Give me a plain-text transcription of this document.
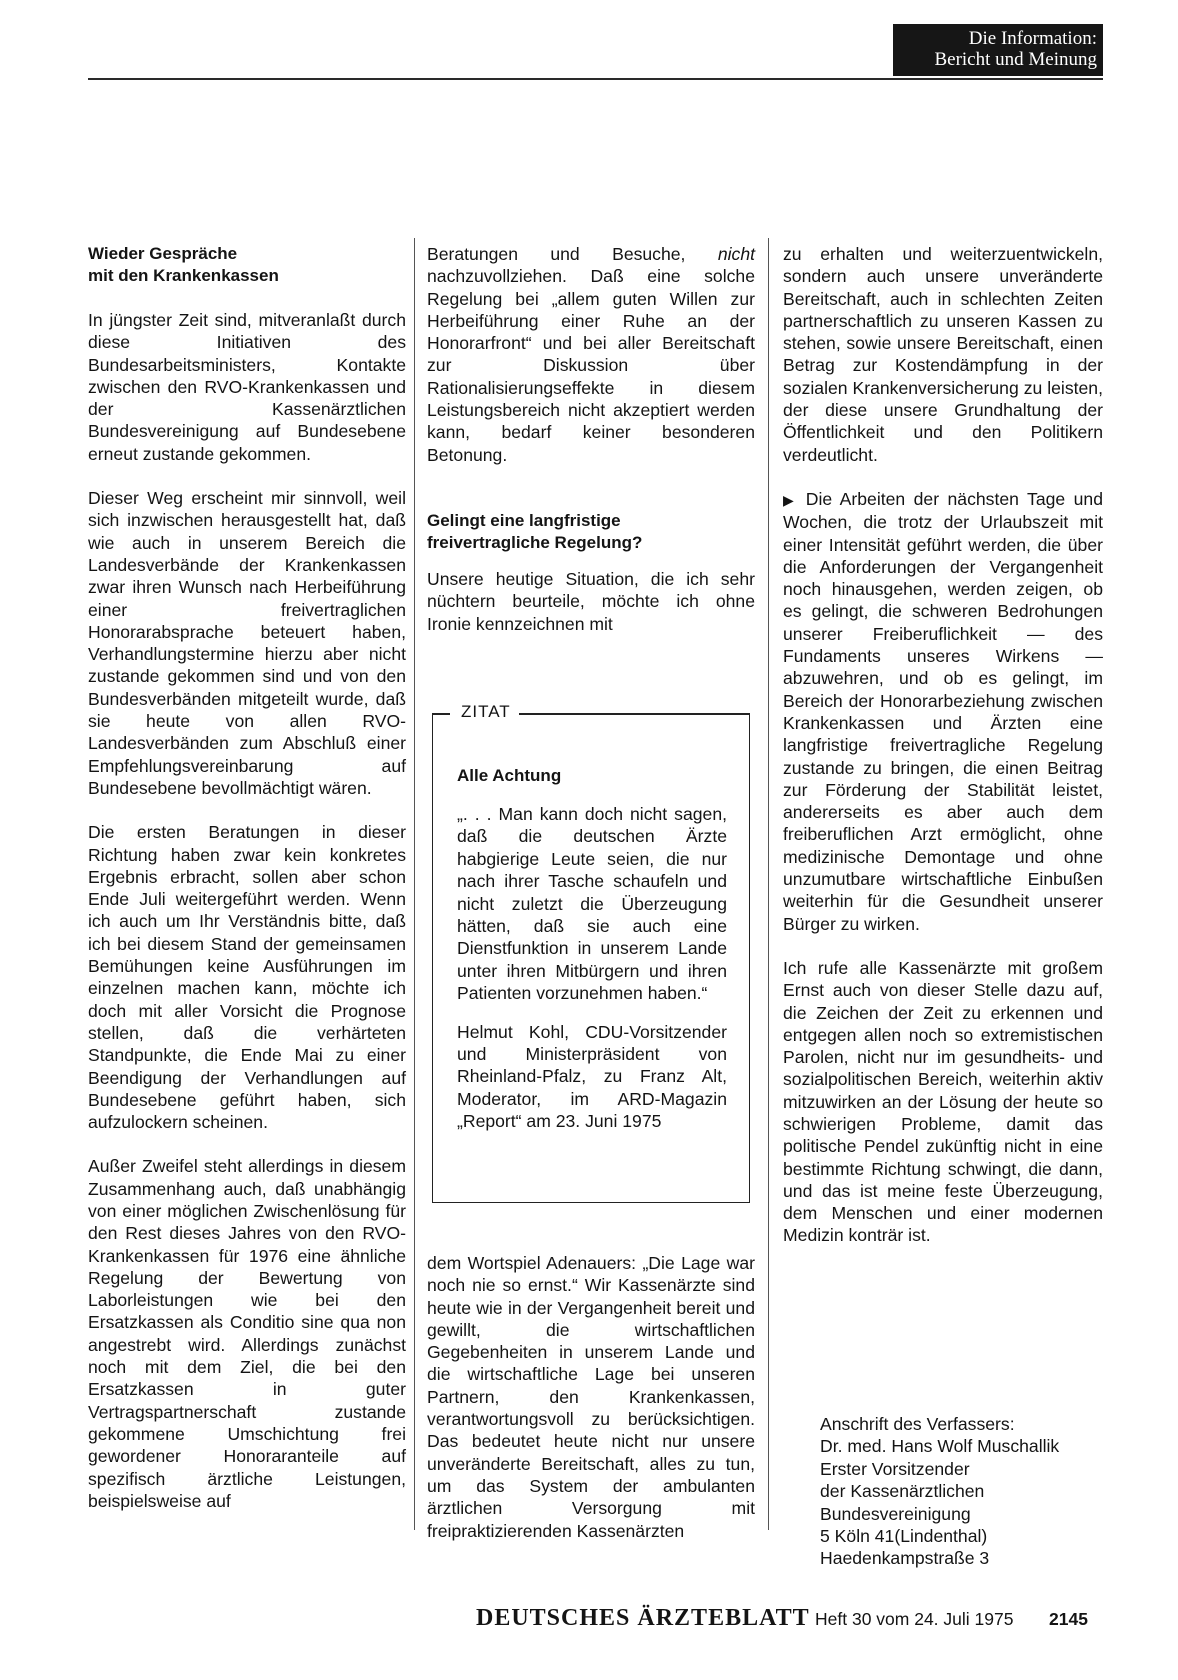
Die Information:
Bericht und Meinung
Wieder Gespräche
mit den Krankenkassen

In jüngster Zeit sind, mitveranlaßt durch diese Initiativen des Bundesarbeitsministers, Kontakte zwischen den RVO-Krankenkassen und der Kassenärztlichen Bundesvereinigung auf Bundesebene erneut zustande gekommen.

Dieser Weg erscheint mir sinnvoll, weil sich inzwischen herausgestellt hat, daß wie auch in unserem Bereich die Landesverbände der Krankenkassen zwar ihren Wunsch nach Herbeiführung einer freivertraglichen Honorarabsprache beteuert haben, Verhandlungstermine hierzu aber nicht zustande gekommen sind und von den Bundesverbänden mitgeteilt wurde, daß sie heute von allen RVO-Landesverbänden zum Abschluß einer Empfehlungsvereinbarung auf Bundesebene bevollmächtigt wären.

Die ersten Beratungen in dieser Richtung haben zwar kein konkretes Ergebnis erbracht, sollen aber schon Ende Juli weitergeführt werden. Wenn ich auch um Ihr Verständnis bitte, daß ich bei diesem Stand der gemeinsamen Bemühungen keine Ausführungen im einzelnen machen kann, möchte ich doch mit aller Vorsicht die Prognose stellen, daß die verhärteten Standpunkte, die Ende Mai zu einer Beendigung der Verhandlungen auf Bundesebene geführt haben, sich aufzulockern scheinen.

Außer Zweifel steht allerdings in diesem Zusammenhang auch, daß unabhängig von einer möglichen Zwischenlösung für den Rest dieses Jahres von den RVO-Krankenkassen für 1976 eine ähnliche Regelung der Bewertung von Laborleistungen wie bei den Ersatzkassen als Conditio sine qua non angestrebt wird. Allerdings zunächst noch mit dem Ziel, die bei den Ersatzkassen in guter Vertragspartnerschaft zustande gekommene Umschichtung frei gewordener Honoraranteile auf spezifisch ärztliche Leistungen, beispielsweise auf

Beratungen und Besuche, nicht nachzuvollziehen. Daß eine solche Regelung bei „allem guten Willen zur Herbeiführung einer Ruhe an der Honorarfront“ und bei aller Bereitschaft zur Diskussion über Rationalisierungseffekte in diesem Leistungsbereich nicht akzeptiert werden kann, bedarf keiner besonderen Betonung.

Gelingt eine langfristige
freivertragliche Regelung?

Unsere heutige Situation, die ich sehr nüchtern beurteile, möchte ich ohne Ironie kennzeichnen mit

ZITAT
Alle Achtung

„. . . Man kann doch nicht sagen, daß die deutschen Ärzte habgierige Leute seien, die nur nach ihrer Tasche schaufeln und nicht zuletzt die Überzeugung hätten, daß sie auch eine Dienstfunktion in unserem Lande unter ihren Mitbürgern und ihren Patienten vorzunehmen haben.“

Helmut Kohl, CDU-Vorsitzender und Ministerpräsident von Rheinland-Pfalz, zu Franz Alt, Moderator, im ARD-Magazin „Report“ am 23. Juni 1975

dem Wortspiel Adenauers: „Die Lage war noch nie so ernst.“ Wir Kassenärzte sind heute wie in der Vergangenheit bereit und gewillt, die wirtschaftlichen Gegebenheiten in unserem Lande und die wirtschaftliche Lage bei unseren Partnern, den Krankenkassen, verantwortungsvoll zu berücksichtigen. Das bedeutet heute nicht nur unsere unveränderte Bereitschaft, alles zu tun, um das System der ambulanten ärztlichen Versorgung mit freipraktizierenden Kassenärzten

zu erhalten und weiterzuentwickeln, sondern auch unsere unveränderte Bereitschaft, auch in schlechten Zeiten partnerschaftlich zu unseren Kassen zu stehen, sowie unsere Bereitschaft, einen Betrag zur Kostendämpfung in der sozialen Krankenversicherung zu leisten, der diese unsere Grundhaltung der Öffentlichkeit und den Politikern verdeutlicht.

▶ Die Arbeiten der nächsten Tage und Wochen, die trotz der Urlaubszeit mit einer Intensität geführt werden, die über die Anforderungen der Vergangenheit noch hinausgehen, werden zeigen, ob es gelingt, die schweren Bedrohungen unserer Freiberuflichkeit — des Fundaments unseres Wirkens — abzuwehren, und ob es gelingt, im Bereich der Honorarbeziehung zwischen Krankenkassen und Ärzten eine langfristige freivertragliche Regelung zustande zu bringen, die einen Beitrag zur Förderung der Stabilität leistet, andererseits es aber auch dem freiberuflichen Arzt ermöglicht, ohne medizinische Demontage und ohne unzumutbare wirtschaftliche Einbußen weiterhin für die Gesundheit unserer Bürger zu wirken.

Ich rufe alle Kassenärzte mit großem Ernst auch von dieser Stelle dazu auf, die Zeichen der Zeit zu erkennen und entgegen allen noch so extremistischen Parolen, nicht nur im gesundheits- und sozialpolitischen Bereich, weiterhin aktiv mitzuwirken an der Lösung der heute so schwierigen Probleme, damit das politische Pendel zukünftig nicht in eine bestimmte Richtung schwingt, die dann, und das ist meine feste Überzeugung, dem Menschen und einer modernen Medizin konträr ist.

Anschrift des Verfassers:
Dr. med. Hans Wolf Muschallik
Erster Vorsitzender
der Kassenärztlichen
Bundesvereinigung
5 Köln 41(Lindenthal)
Haedenkampstraße 3
DEUTSCHES ÄRZTEBLATT Heft 30 vom 24. Juli 1975 2145
